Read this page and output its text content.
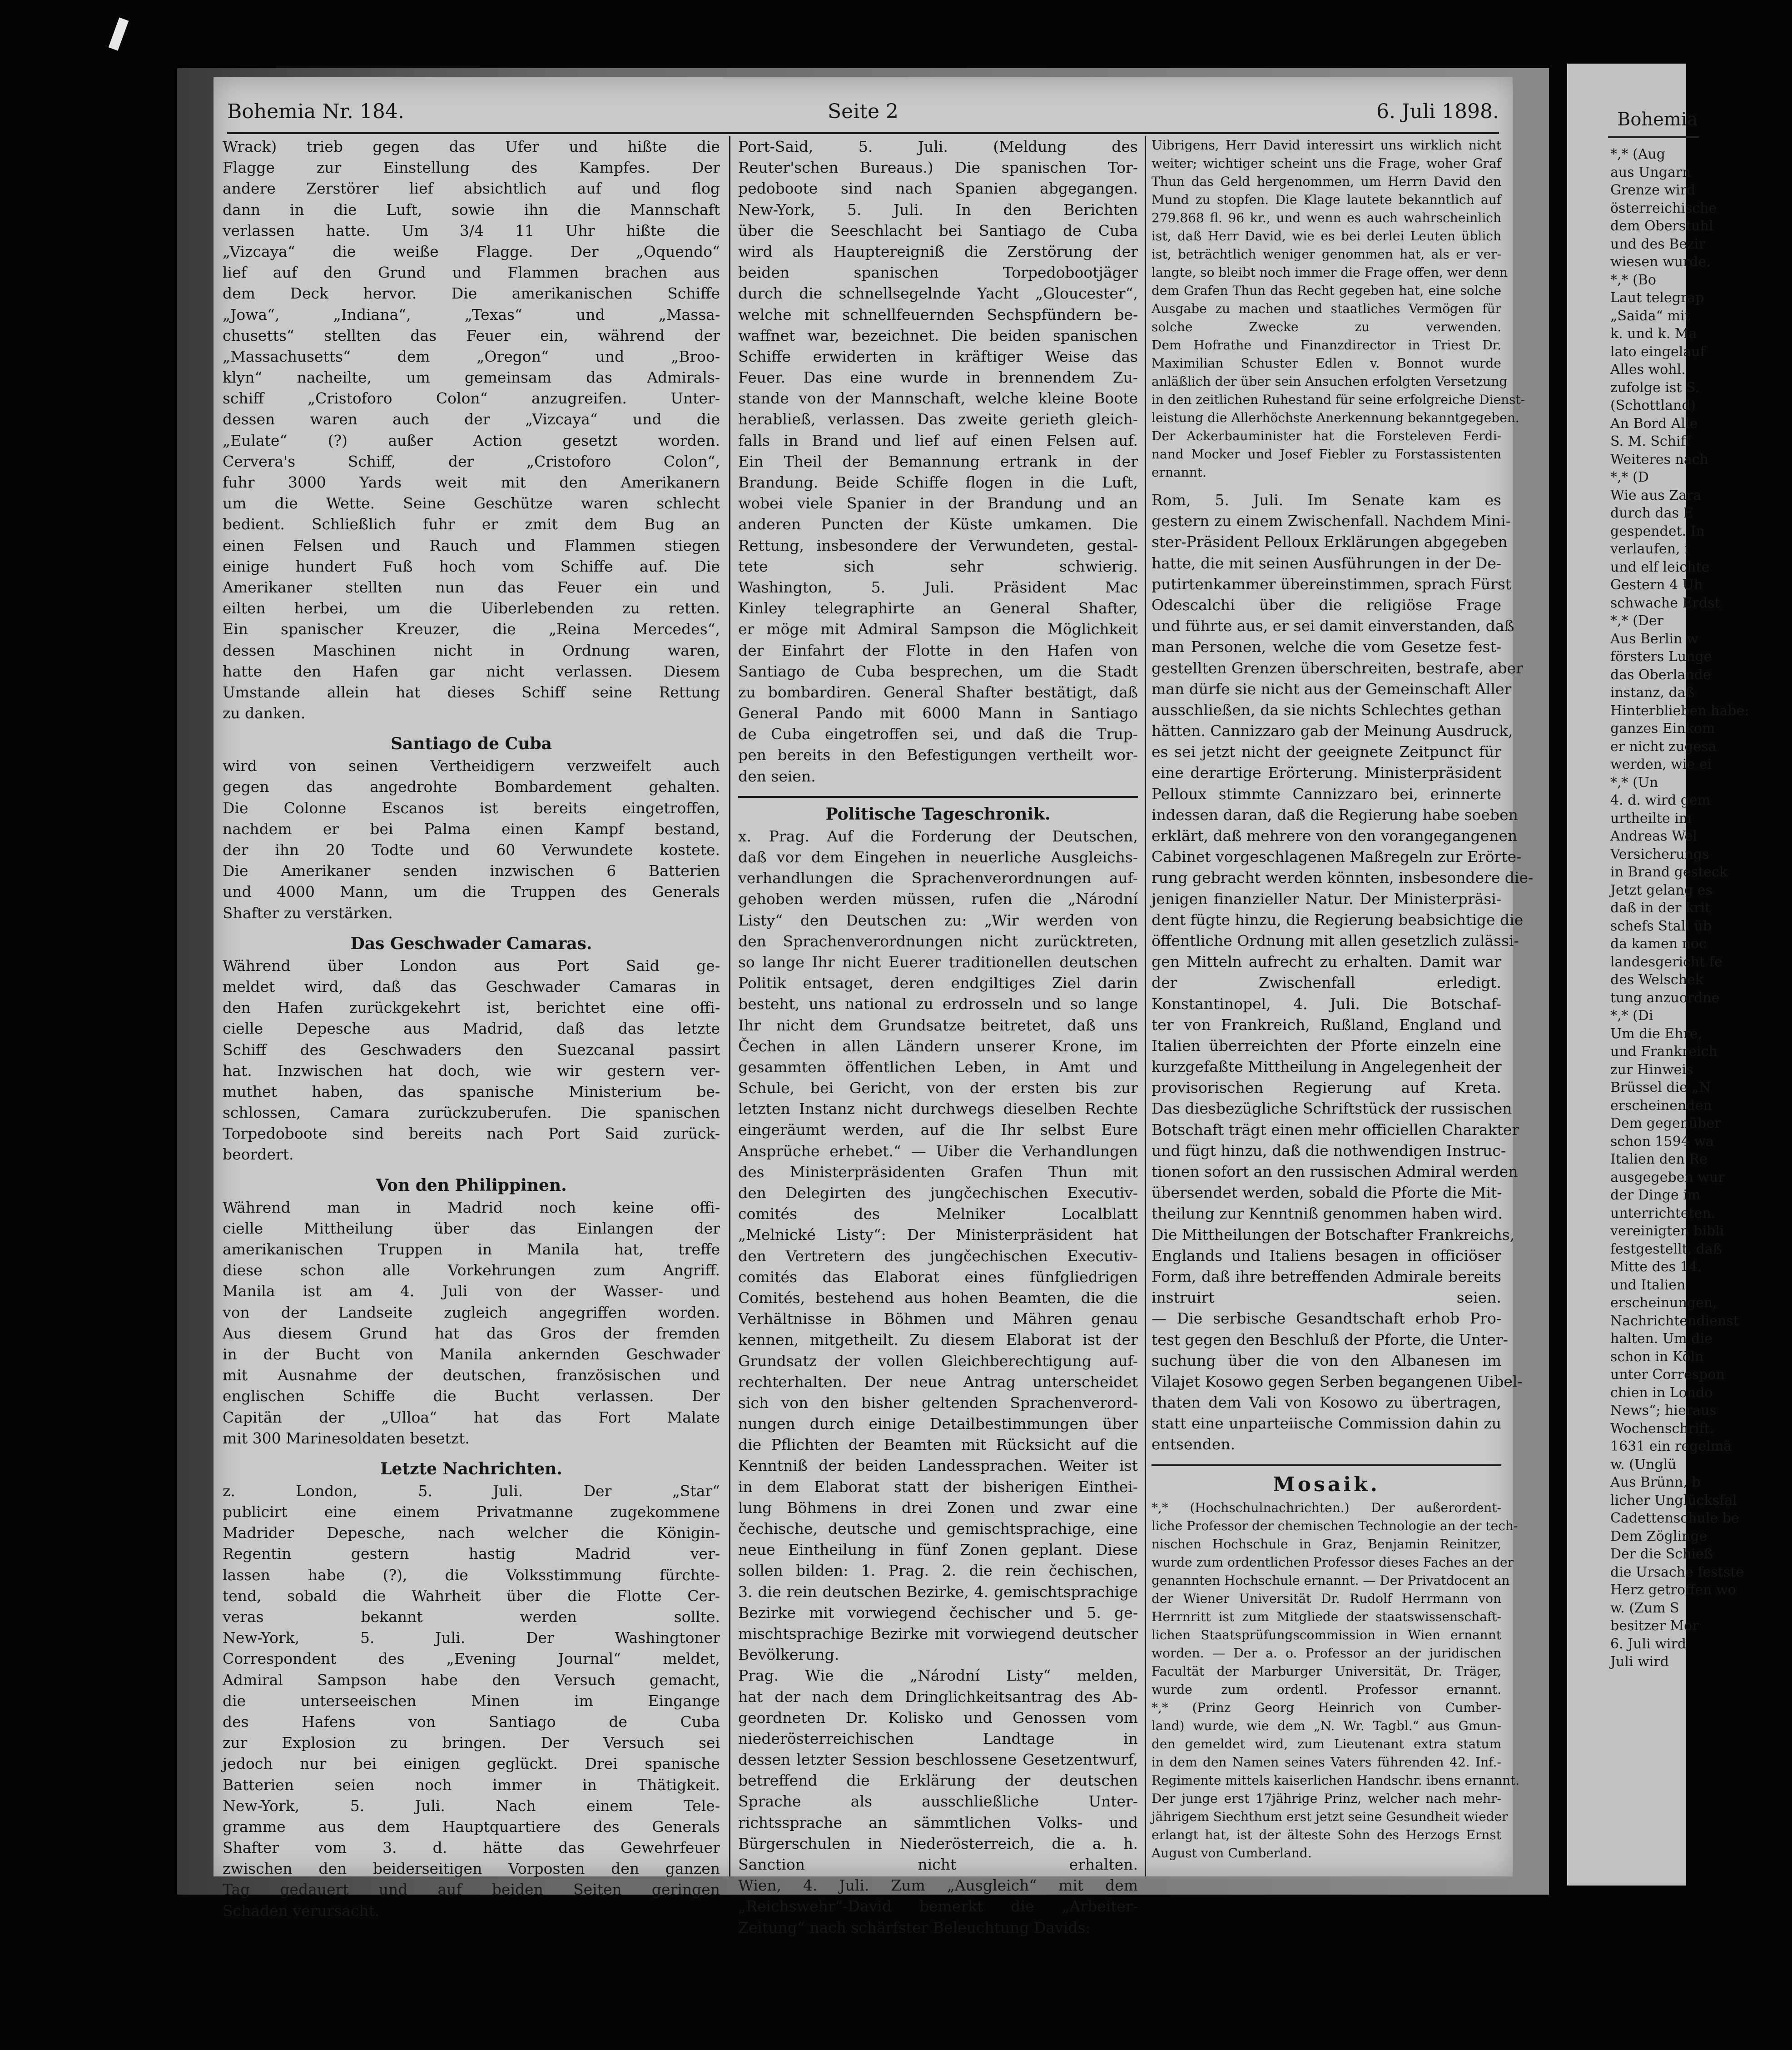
Bohemia Nr. 184.	Seite 2	6. Juli 1898.
Wrack) trieb gegen das Ufer und hißte die
Flagge zur Einstellung des Kampfes. Der
andere Zerstörer lief absichtlich auf und flog
dann in die Luft, sowie ihn die Mannschaft
verlassen hatte. Um 3/4 11 Uhr hißte die
„Vizcaya“ die weiße Flagge. Der „Oquendo“
lief auf den Grund und Flammen brachen aus
dem Deck hervor. Die amerikanischen Schiffe
„Jowa“, „Indiana“, „Texas“ und „Massa-
chusetts“ stellten das Feuer ein, während der
„Massachusetts“ dem „Oregon“ und „Broo-
klyn“ nacheilte, um gemeinsam das Admirals-
schiff „Cristoforo Colon“ anzugreifen. Unter-
dessen waren auch der „Vizcaya“ und die
„Eulate“ (?) außer Action gesetzt worden.
Cervera's Schiff, der „Cristoforo Colon“,
fuhr 3000 Yards weit mit den Amerikanern
um die Wette. Seine Geschütze waren schlecht
bedient. Schließlich fuhr er zmit dem Bug an
einen Felsen und Rauch und Flammen stiegen
einige hundert Fuß hoch vom Schiffe auf. Die
Amerikaner stellten nun das Feuer ein und
eilten herbei, um die Uiberlebenden zu retten.
Ein spanischer Kreuzer, die „Reina Mercedes“,
dessen Maschinen nicht in Ordnung waren,
hatte den Hafen gar nicht verlassen. Diesem
Umstande allein hat dieses Schiff seine Rettung
zu danken.
Santiago de Cuba
wird von seinen Vertheidigern verzweifelt auch
gegen das angedrohte Bombardement gehalten.
Die Colonne Escanos ist bereits eingetroffen,
nachdem er bei Palma einen Kampf bestand,
der ihn 20 Todte und 60 Verwundete kostete.
Die Amerikaner senden inzwischen 6 Batterien
und 4000 Mann, um die Truppen des Generals
Shafter zu verstärken.
Das Geschwader Camaras.
Während über London aus Port Said ge-
meldet wird, daß das Geschwader Camaras in
den Hafen zurückgekehrt ist, berichtet eine offi-
cielle Depesche aus Madrid, daß das letzte
Schiff des Geschwaders den Suezcanal passirt
hat. Inzwischen hat doch, wie wir gestern ver-
muthet haben, das spanische Ministerium be-
schlossen, Camara zurückzuberufen. Die spanischen
Torpedoboote sind bereits nach Port Said zurück-
beordert.
Von den Philippinen.
Während man in Madrid noch keine offi-
cielle Mittheilung über das Einlangen der
amerikanischen Truppen in Manila hat, treffe
diese schon alle Vorkehrungen zum Angriff.
Manila ist am 4. Juli von der Wasser- und
von der Landseite zugleich angegriffen worden.
Aus diesem Grund hat das Gros der fremden
in der Bucht von Manila ankernden Geschwader
mit Ausnahme der deutschen, französischen und
englischen Schiffe die Bucht verlassen. Der
Capitän der „Ulloa“ hat das Fort Malate
mit 300 Marinesoldaten besetzt.
Letzte Nachrichten.
z. London, 5. Juli. Der „Star“
publicirt eine einem Privatmanne zugekommene
Madrider Depesche, nach welcher die Königin-
Regentin gestern hastig Madrid ver-
lassen habe (?), die Volksstimmung fürchte-
tend, sobald die Wahrheit über die Flotte Cer-
veras bekannt werden sollte.
New-York, 5. Juli. Der Washingtoner
Correspondent des „Evening Journal“ meldet,
Admiral Sampson habe den Versuch gemacht,
die unterseeischen Minen im Eingange
des Hafens von Santiago de Cuba
zur Explosion zu bringen. Der Versuch sei
jedoch nur bei einigen geglückt. Drei spanische
Batterien seien noch immer in Thätigkeit.
New-York, 5. Juli. Nach einem Tele-
gramme aus dem Hauptquartiere des Generals
Shafter vom 3. d. hätte das Gewehrfeuer
zwischen den beiderseitigen Vorposten den ganzen
Tag gedauert und auf beiden Seiten geringen
Schaden verursacht.
Port-Said, 5. Juli. (Meldung des
Reuter'schen Bureaus.) Die spanischen Tor-
pedoboote sind nach Spanien abgegangen.
New-York, 5. Juli. In den Berichten
über die Seeschlacht bei Santiago de Cuba
wird als Hauptereigniß die Zerstörung der
beiden spanischen Torpedobootjäger
durch die schnellsegelnde Yacht „Gloucester“,
welche mit schnellfeuernden Sechspfündern be-
waffnet war, bezeichnet. Die beiden spanischen
Schiffe erwiderten in kräftiger Weise das
Feuer. Das eine wurde in brennendem Zu-
stande von der Mannschaft, welche kleine Boote
herabließ, verlassen. Das zweite gerieth gleich-
falls in Brand und lief auf einen Felsen auf.
Ein Theil der Bemannung ertrank in der
Brandung. Beide Schiffe flogen in die Luft,
wobei viele Spanier in der Brandung und an
anderen Puncten der Küste umkamen. Die
Rettung, insbesondere der Verwundeten, gestal-
tete sich sehr schwierig.
Washington, 5. Juli. Präsident Mac
Kinley telegraphirte an General Shafter,
er möge mit Admiral Sampson die Möglichkeit
der Einfahrt der Flotte in den Hafen von
Santiago de Cuba besprechen, um die Stadt
zu bombardiren. General Shafter bestätigt, daß
General Pando mit 6000 Mann in Santiago
de Cuba eingetroffen sei, und daß die Trup-
pen bereits in den Befestigungen vertheilt wor-
den seien.
Politische Tageschronik.
x. Prag. Auf die Forderung der Deutschen,
daß vor dem Eingehen in neuerliche Ausgleichs-
verhandlungen die Sprachenverordnungen auf-
gehoben werden müssen, rufen die „Národní
Listy“ den Deutschen zu: „Wir werden von
den Sprachenverordnungen nicht zurücktreten,
so lange Ihr nicht Euerer traditionellen deutschen
Politik entsaget, deren endgiltiges Ziel darin
besteht, uns national zu erdrosseln und so lange
Ihr nicht dem Grundsatze beitretet, daß uns
Čechen in allen Ländern unserer Krone, im
gesammten öffentlichen Leben, in Amt und
Schule, bei Gericht, von der ersten bis zur
letzten Instanz nicht durchwegs dieselben Rechte
eingeräumt werden, auf die Ihr selbst Eure
Ansprüche erhebet.“ — Uiber die Verhandlungen
des Ministerpräsidenten Grafen Thun mit
den Delegirten des jungčechischen Executiv-
comités des Melniker Localblatt
„Melnické Listy“: Der Ministerpräsident hat
den Vertretern des jungčechischen Executiv-
comités das Elaborat eines fünfgliedrigen
Comités, bestehend aus hohen Beamten, die die
Verhältnisse in Böhmen und Mähren genau
kennen, mitgetheilt. Zu diesem Elaborat ist der
Grundsatz der vollen Gleichberechtigung auf-
rechterhalten. Der neue Antrag unterscheidet
sich von den bisher geltenden Sprachenverord-
nungen durch einige Detailbestimmungen über
die Pflichten der Beamten mit Rücksicht auf die
Kenntniß der beiden Landessprachen. Weiter ist
in dem Elaborat statt der bisherigen Einthei-
lung Böhmens in drei Zonen und zwar eine
čechische, deutsche und gemischtsprachige, eine
neue Eintheilung in fünf Zonen geplant. Diese
sollen bilden: 1. Prag. 2. die rein čechischen,
3. die rein deutschen Bezirke, 4. gemischtsprachige
Bezirke mit vorwiegend čechischer und 5. ge-
mischtsprachige Bezirke mit vorwiegend deutscher
Bevölkerung.
Prag. Wie die „Národní Listy“ melden,
hat der nach dem Dringlichkeitsantrag des Ab-
geordneten Dr. Kolisko und Genossen vom
niederösterreichischen Landtage in
dessen letzter Session beschlossene Gesetzentwurf,
betreffend die Erklärung der deutschen
Sprache als ausschließliche Unter-
richtssprache an sämmtlichen Volks- und
Bürgerschulen in Niederösterreich, die a. h.
Sanction nicht erhalten.
Wien, 4. Juli. Zum „Ausgleich“ mit dem
„Reichswehr“-David bemerkt die „Arbeiter-
Zeitung“ nach schärfster Beleuchtung Davids:
Uibrigens, Herr David interessirt uns wirklich nicht
weiter; wichtiger scheint uns die Frage, woher Graf
Thun das Geld hergenommen, um Herrn David den
Mund zu stopfen. Die Klage lautete bekanntlich auf
279.868 fl. 96 kr., und wenn es auch wahrscheinlich
ist, daß Herr David, wie es bei derlei Leuten üblich
ist, beträchtlich weniger genommen hat, als er ver-
langte, so bleibt noch immer die Frage offen, wer denn
dem Grafen Thun das Recht gegeben hat, eine solche
Ausgabe zu machen und staatliches Vermögen für
solche Zwecke zu verwenden.
Dem Hofrathe und Finanzdirector in Triest Dr.
Maximilian Schuster Edlen v. Bonnot wurde
anläßlich der über sein Ansuchen erfolgten Versetzung
in den zeitlichen Ruhestand für seine erfolgreiche Dienst-
leistung die Allerhöchste Anerkennung bekanntgegeben.
Der Ackerbauminister hat die Forsteleven Ferdi-
nand Mocker und Josef Fiebler zu Forstassistenten
ernannt.
Rom, 5. Juli. Im Senate kam es
gestern zu einem Zwischenfall. Nachdem Mini-
ster-Präsident Pelloux Erklärungen abgegeben
hatte, die mit seinen Ausführungen in der De-
putirtenkammer übereinstimmen, sprach Fürst
Odescalchi über die religiöse Frage
und führte aus, er sei damit einverstanden, daß
man Personen, welche die vom Gesetze fest-
gestellten Grenzen überschreiten, bestrafe, aber
man dürfe sie nicht aus der Gemeinschaft Aller
ausschließen, da sie nichts Schlechtes gethan
hätten. Cannizzaro gab der Meinung Ausdruck,
es sei jetzt nicht der geeignete Zeitpunct für
eine derartige Erörterung. Ministerpräsident
Pelloux stimmte Cannizzaro bei, erinnerte
indessen daran, daß die Regierung habe soeben
erklärt, daß mehrere von den vorangegangenen
Cabinet vorgeschlagenen Maßregeln zur Erörte-
rung gebracht werden könnten, insbesondere die-
jenigen finanzieller Natur. Der Ministerpräsi-
dent fügte hinzu, die Regierung beabsichtige die
öffentliche Ordnung mit allen gesetzlich zulässi-
gen Mitteln aufrecht zu erhalten. Damit war
der Zwischenfall erledigt.
Konstantinopel, 4. Juli. Die Botschaf-
ter von Frankreich, Rußland, England und
Italien überreichten der Pforte einzeln eine
kurzgefaßte Mittheilung in Angelegenheit der
provisorischen Regierung auf Kreta.
Das diesbezügliche Schriftstück der russischen
Botschaft trägt einen mehr officiellen Charakter
und fügt hinzu, daß die nothwendigen Instruc-
tionen sofort an den russischen Admiral werden
übersendet werden, sobald die Pforte die Mit-
theilung zur Kenntniß genommen haben wird.
Die Mittheilungen der Botschafter Frankreichs,
Englands und Italiens besagen in officiöser
Form, daß ihre betreffenden Admirale bereits
instruirt seien.
— Die serbische Gesandtschaft erhob Pro-
test gegen den Beschluß der Pforte, die Unter-
suchung über die von den Albanesen im
Vilajet Kosowo gegen Serben begangenen Uibel-
thaten dem Vali von Kosowo zu übertragen,
statt eine unparteiische Commission dahin zu
entsenden.
Mosaik.
*,* (Hochschulnachrichten.) Der außerordent-
liche Professor der chemischen Technologie an der tech-
nischen Hochschule in Graz, Benjamin Reinitzer,
wurde zum ordentlichen Professor dieses Faches an der
genannten Hochschule ernannt. — Der Privatdocent an
der Wiener Universität Dr. Rudolf Herrmann von
Herrnritt ist zum Mitgliede der staatswissenschaft-
lichen Staatsprüfungscommission in Wien ernannt
worden. — Der a. o. Professor an der juridischen
Facultät der Marburger Universität, Dr. Träger,
wurde zum ordentl. Professor ernannt.
*,* (Prinz Georg Heinrich von Cumber-
land) wurde, wie dem „N. Wr. Tagbl.“ aus Gmun-
den gemeldet wird, zum Lieutenant extra statum
in dem den Namen seines Vaters führenden 42. Inf.-
Regimente mittels kaiserlichen Handschr. ibens ernannt.
Der junge erst 17jährige Prinz, welcher nach mehr-
jährigem Siechthum erst jetzt seine Gesundheit wieder
erlangt hat, ist der älteste Sohn des Herzogs Ernst
August von Cumberland.
Bohemia
*,* (Aug
aus Ungarn
Grenze wird
österreichische
dem Oberstuhl
und des Bezir
wiesen wurde.
*,* (Bo
Laut telegrap
„Saida“ mit
k. und k. Ma
lato eingelauf
Alles wohl.
zufolge ist S.
(Schottland)
An Bord Alle
S. M. Schiff
Weiteres nach
*,* (D
Wie aus Zara
durch das E
gespendet. In
verlaufen, i
und elf leichte
Gestern 4 Uh
schwache Erdst
*,* (Der
Aus Berlin w
försters Lunge
das Oberlande
instanz, daß
Hinterblieben habe:
ganzes Einkom
er nicht zugesa
werden, wie ei
*,* (Un
4. d. wird gem
urtheilte im
Andreas Wel
Versicherungs
in Brand gesteck
Jetzt gelang es
daß in der krit
schefs Stall üb
da kamen noc
landesgericht fe
des Welschek
tung anzuordne
*,* (Di
Um die Ehre,
und Frankreich
zur Hinweis
Brüssel die „N
erscheinenden
Dem gegenüber
schon 1594 wa
Italien den Re
ausgegeben wur
der Dinge im
unterrichteten.
vereinigten bibli
festgestellt, daß
Mitte des 14.
und Italien
erscheinungen,
Nachrichtendienst
halten. Um die
schon in Köln
unter Correspon
chien in Londo
News“; hieraus
Wochenschrift.
1631 ein regelmä
w. (Unglü
Aus Brünn, b
licher Unglücksfal
Cadettenschule be
Dem Zöglinge
Der die Schieß
die Ursache festste
Herz getroffen wo
w. (Zum S
besitzer Mor
6. Juli wird
Juli wird
